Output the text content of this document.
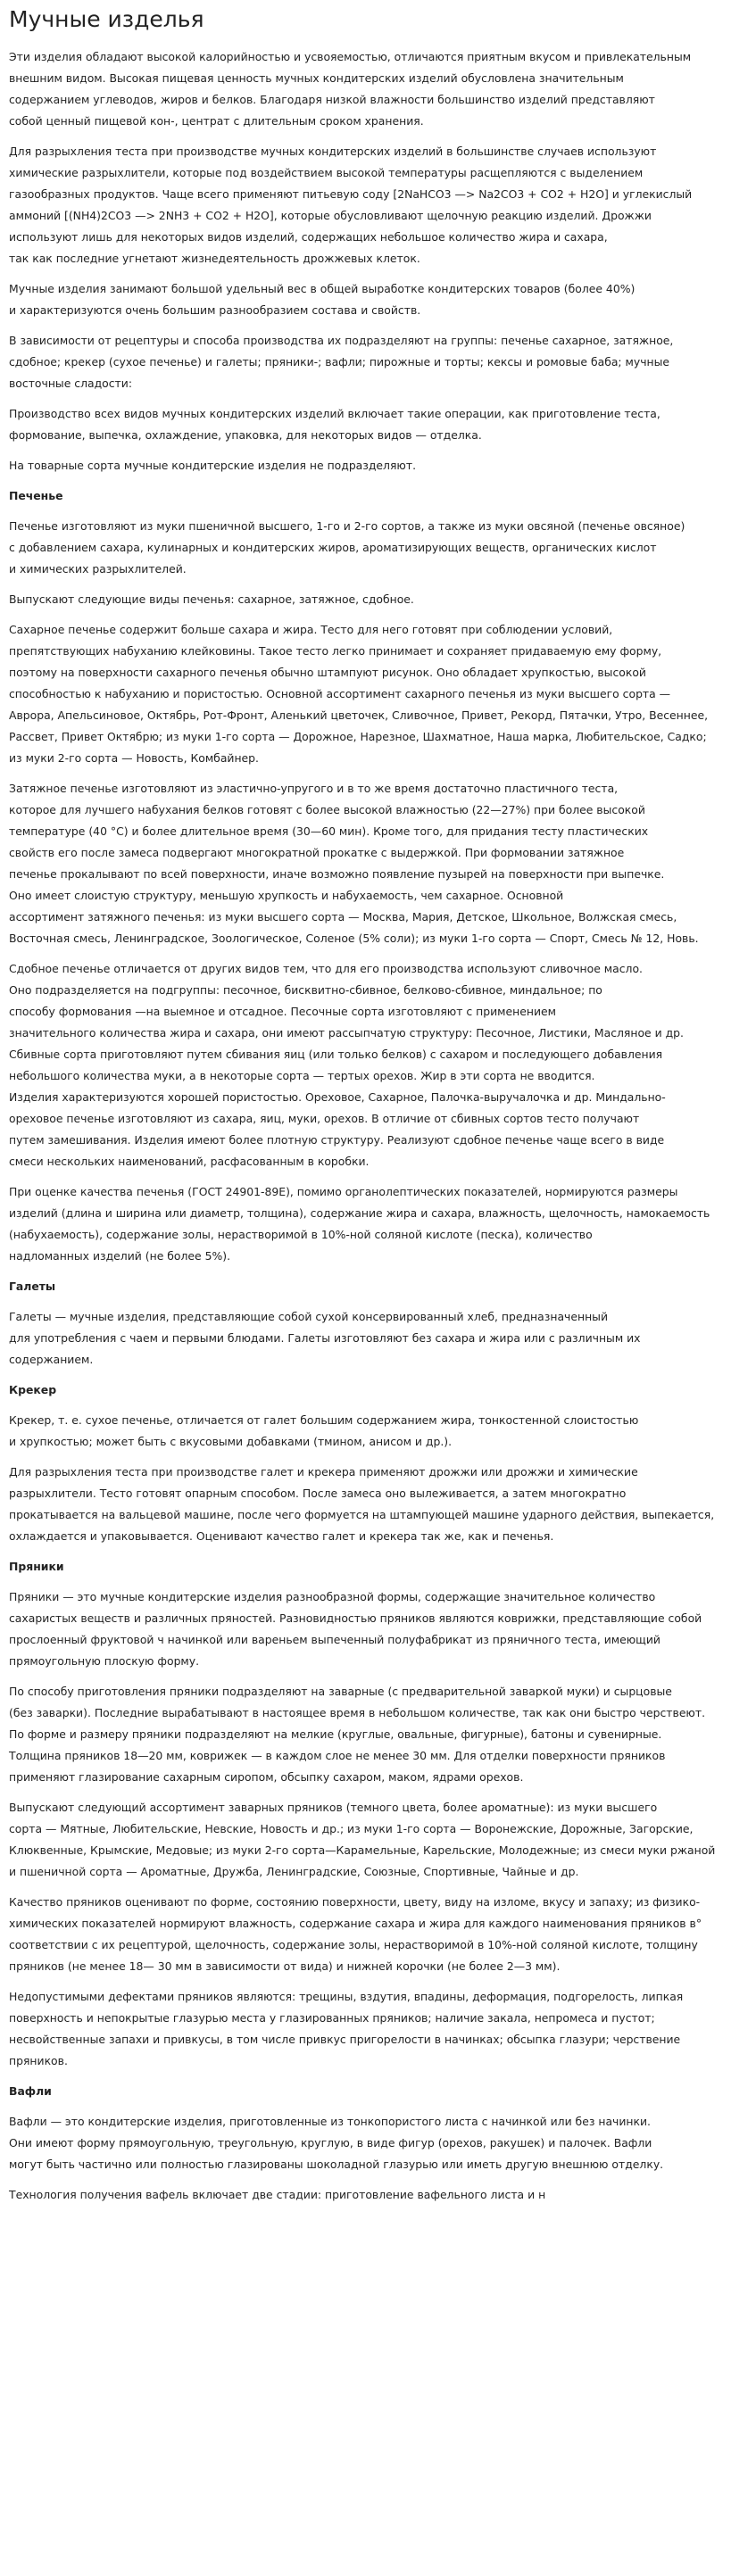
Мучные изделья
Эти изделия обладают высокой калорийностью и усвояемостью, отличаются приятным вкусом и привлекательным
внешним видом. Высокая пищевая ценность мучных кондитерских изделий обусловлена значительным
содержанием углеводов, жиров и белков. Благодаря низкой влажности большинство изделий представляют
собой ценный пищевой кон-, центрат с длительным сроком хранения.
Для разрыхления теста при производстве мучных кондитерских изделий в большинстве случаев используют
химические разрыхлители, которые под воздействием высокой температуры расщепляются с выделением
газообразных продуктов. Чаще всего применяют питьевую соду [2NaHCO3 —> Na2CO3 + CO2 + H2O] и углекислый
аммоний [(NH4)2CO3 —> 2NH3 + CO2 + H2O], которые обусловливают щелочную реакцию изделий. Дрожжи
используют лишь для некоторых видов изделий, содержащих небольшое количество жира и сахара,
так как последние угнетают жизнедеятельность дрожжевых клеток.
Мучные изделия занимают большой удельный вес в общей выработке кондитерских товаров (более 40%)
и характеризуются очень большим разнообразием состава и свойств.
В зависимости от рецептуры и способа производства их подразделяют на группы: печенье сахарное, затяжное,
сдобное; крекер (сухое печенье) и галеты; пряники-; вафли; пирожные и торты; кексы и ромовые баба; мучные
восточные сладости:
Производство всех видов мучных кондитерских изделий включает такие операции, как приготовление теста,
формование, выпечка, охлаждение, упаковка, для некоторых видов — отделка.
На товарные сорта мучные кондитерские изделия не подразделяют.
Печенье
Печенье изготовляют из муки пшеничной высшего, 1-го и 2-го сортов, а также из муки овсяной (печенье овсяное)
с добавлением сахара, кулинарных и кондитерских жиров, ароматизирующих веществ, органических кислот
и химических разрыхлителей.
Выпускают следующие виды печенья: сахарное, затяжное, сдобное.
Сахарное печенье содержит больше сахара и жира. Тесто для него готовят при соблюдении условий,
препятствующих набуханию клейковины. Такое тесто легко принимает и сохраняет придаваемую ему форму,
поэтому на поверхности сахарного печенья обычно штампуют рисунок. Оно обладает хрупкостью, высокой
способностью к набуханию и пористостью. Основной ассортимент сахарного печенья из муки высшего сорта —
Аврора, Апельсиновое, Октябрь, Рот-Фронт, Аленький цветочек, Сливочное, Привет, Рекорд, Пятачки, Утро, Весеннее,
Рассвет, Привет Октябрю; из муки 1-го сорта — Дорожное, Нарезное, Шахматное, Наша марка, Любительское, Садко;
из муки 2-го сорта — Новость, Комбайнер.
Затяжное печенье изготовляют из эластично-упругого и в то же время достаточно пластичного теста,
которое для лучшего набухания белков готовят с более высокой влажностью (22—27%) при более высокой
температуре (40 °С) и более длительное время (30—60 мин). Кроме того, для придания тесту пластических
свойств его после замеса подвергают многократной прокатке с выдержкой. При формовании затяжное
печенье прокалывают по всей поверхности, иначе возможно появление пузырей на поверхности при выпечке.
Оно имеет слоистую структуру, меньшую хрупкость и набухаемость, чем сахарное. Основной
ассортимент затяжного печенья: из муки высшего сорта — Москва, Мария, Детское, Школьное, Волжская смесь,
Восточная смесь, Ленинградское, Зоологическое, Соленое (5% соли); из муки 1-го сорта — Спорт, Смесь № 12, Новь.
Сдобное печенье отличается от других видов тем, что для его производства используют сливочное масло.
Оно подразделяется на подгруппы: песочное, бисквитно-сбивное, белково-сбивное, миндальное; по
способу формования —на выемное и отсадное. Песочные сорта изготовляют с применением
значительного количества жира и сахара, они имеют рассыпчатую структуру: Песочное, Листики, Масляное и др.
Сбивные сорта приготовляют путем сбивания яиц (или только белков) с сахаром и последующего добавления
небольшого количества муки, а в некоторые сорта — тертых орехов. Жир в эти сорта не вводится.
Изделия характеризуются хорошей пористостью. Ореховое, Сахарное, Палочка-выручалочка и др. Миндально-
ореховое печенье изготовляют из сахара, яиц, муки, орехов. В отличие от сбивных сортов тесто получают
путем замешивания. Изделия имеют более плотную структуру. Реализуют сдобное печенье чаще всего в виде
смеси нескольких наименований, расфасованным в коробки.
При оценке качества печенья (ГОСТ 24901-89Е), помимо органолептических показателей, нормируются размеры
изделий (длина и ширина или диаметр, толщина), содержание жира и сахара, влажность, щелочность, намокаемость
(набухаемость), содержание золы, нерастворимой в 10%-ной соляной кислоте (песка), количество
надломанных изделий (не более 5%).
Галеты
Галеты — мучные изделия, представляющие собой сухой консервированный хлеб, предназначенный
для употребления с чаем и первыми блюдами. Галеты изготовляют без сахара и жира или с различным их
содержанием.
Крекер
Крекер, т. е. сухое печенье, отличается от галет большим содержанием жира, тонкостенной слоистостью
и хрупкостью; может быть с вкусовыми добавками (тмином, анисом и др.).
Для разрыхления теста при производстве галет и крекера применяют дрожжи или дрожжи и химические
разрыхлители. Тесто готовят опарным способом. После замеса оно вылеживается, а затем многократно
прокатывается на вальцевой машине, после чего формуется на штампующей машине ударного действия, выпекается,
охлаждается и упаковывается. Оценивают качество галет и крекера так же, как и печенья.
Пряники
Пряники — это мучные кондитерские изделия разнообразной формы, содержащие значительное количество
сахаристых веществ и различных пряностей. Разновидностью пряников являются коврижки, представляющие собой
прослоенный фруктовой ч начинкой или вареньем выпеченный полуфабрикат из пряничного теста, имеющий
прямоугольную плоскую форму.
По способу приготовления пряники подразделяют на заварные (с предварительной заваркой муки) и сырцовые
(без заварки). Последние вырабатывают в настоящее время в небольшом количестве, так как они быстро черствеют.
По форме и размеру пряники подразделяют на мелкие (круглые, овальные, фигурные), батоны и сувенирные.
Толщина пряников 18—20 мм, коврижек — в каждом слое не менее 30 мм. Для отделки поверхности пряников
применяют глазирование сахарным сиропом, обсыпку сахаром, маком, ядрами орехов.
Выпускают следующий ассортимент заварных пряников (темного цвета, более ароматные): из муки высшего
сорта — Мятные, Любительские, Невские, Новость и др.; из муки 1-го сорта — Воронежские, Дорожные, Загорские,
Клюквенные, Крымские, Медовые; из муки 2-го сорта—Карамельные, Карельские, Молодежные; из смеси муки ржаной
и пшеничной сорта — Ароматные, Дружба, Ленинградские, Союзные, Спортивные, Чайные и др.
Качество пряников оценивают по форме, состоянию поверхности, цвету, виду на изломе, вкусу и запаху; из физико-
химических показателей нормируют влажность, содержание сахара и жира для каждого наименования пряников в°
соответствии с их рецептурой, щелочность, содержание золы, нерастворимой в 10%-ной соляной кислоте, толщину
пряников (не менее 18— 30 мм в зависимости от вида) и нижней корочки (не более 2—3 мм).
Недопустимыми дефектами пряников являются: трещины, вздутия, впадины, деформация, подгорелость, липкая
поверхность и непокрытые глазурью места у глазированных пряников; наличие закала, непромеса и пустот;
несвойственные запахи и привкусы, в том числе привкус пригорелости в начинках; обсыпка глазури; черствение
пряников.
Вафли
Вафли — это кондитерские изделия, приготовленные из тонкопористого листа с начинкой или без начинки.
Они имеют форму прямоугольную, треугольную, круглую, в виде фигур (орехов, ракушек) и палочек. Вафли
могут быть частично или полностью глазированы шоколадной глазурью или иметь другую внешнюю отделку.
Технология получения вафель включает две стадии: приготовление вафельного листа и н
